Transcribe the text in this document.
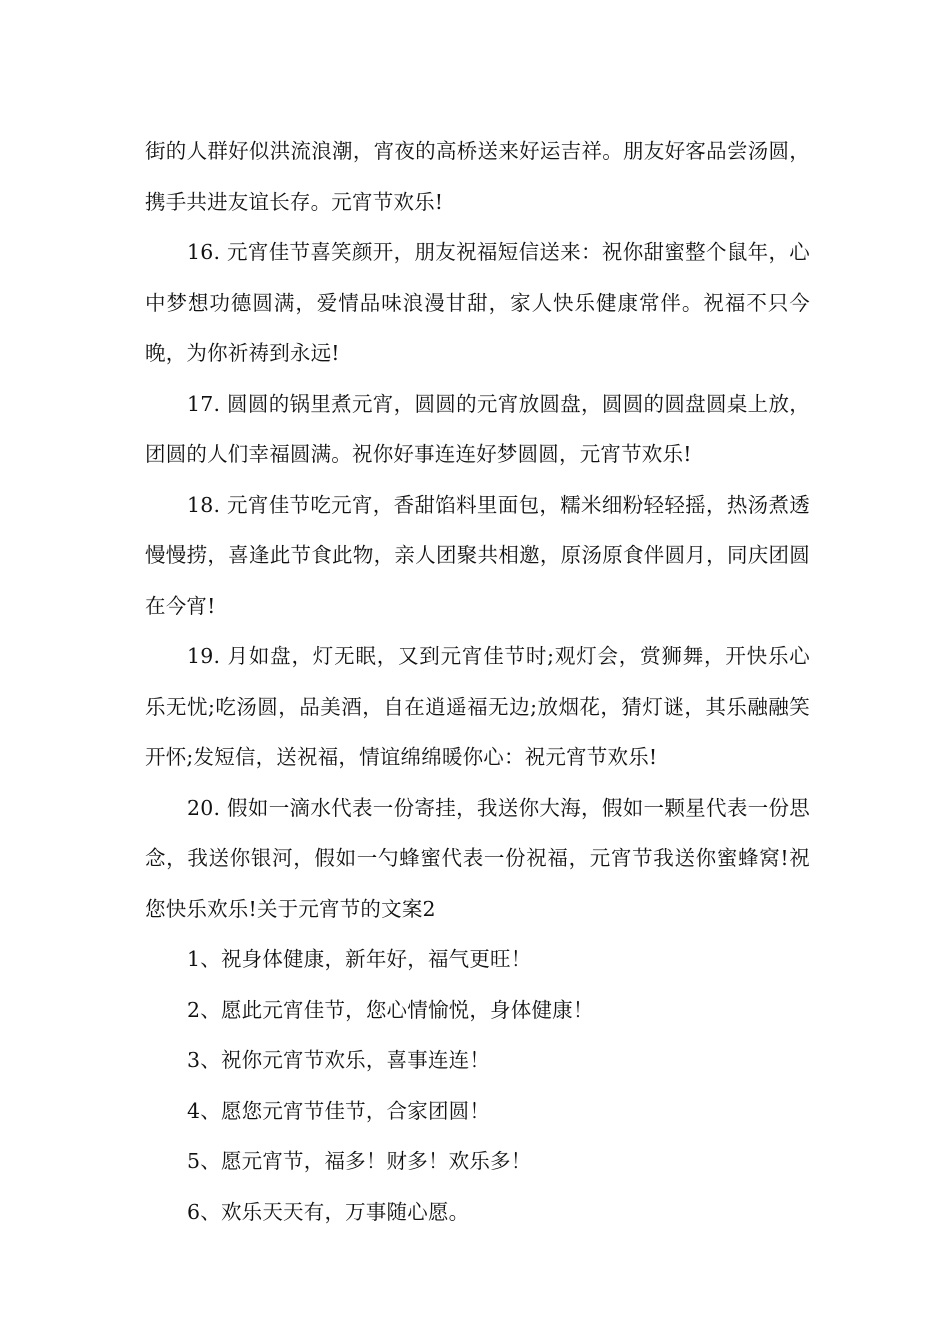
街的人群好似洪流浪潮，宵夜的高桥送来好运吉祥。朋友好客品尝汤圆，携手共进友谊长存。元宵节欢乐!

16. 元宵佳节喜笑颜开，朋友祝福短信送来：祝你甜蜜整个鼠年，心中梦想功德圆满，爱情品味浪漫甘甜，家人快乐健康常伴。祝福不只今晚，为你祈祷到永远!

17. 圆圆的锅里煮元宵，圆圆的元宵放圆盘，圆圆的圆盘圆桌上放，团圆的人们幸福圆满。祝你好事连连好梦圆圆，元宵节欢乐!

18. 元宵佳节吃元宵，香甜馅料里面包，糯米细粉轻轻摇，热汤煮透慢慢捞，喜逢此节食此物，亲人团聚共相邀，原汤原食伴圆月，同庆团圆在今宵!

19. 月如盘，灯无眠，又到元宵佳节时;观灯会，赏狮舞，开快乐心乐无忧;吃汤圆，品美酒，自在逍遥福无边;放烟花，猜灯谜，其乐融融笑开怀;发短信，送祝福，情谊绵绵暖你心：祝元宵节欢乐!

20. 假如一滴水代表一份寄挂，我送你大海，假如一颗星代表一份思念，我送你银河，假如一勺蜂蜜代表一份祝福，元宵节我送你蜜蜂窝!祝您快乐欢乐!关于元宵节的文案2

1、祝身体健康，新年好，福气更旺！

2、愿此元宵佳节，您心情愉悦，身体健康！

3、祝你元宵节欢乐，喜事连连！

4、愿您元宵节佳节，合家团圆！

5、愿元宵节，福多！财多！欢乐多！

6、欢乐天天有，万事随心愿。
